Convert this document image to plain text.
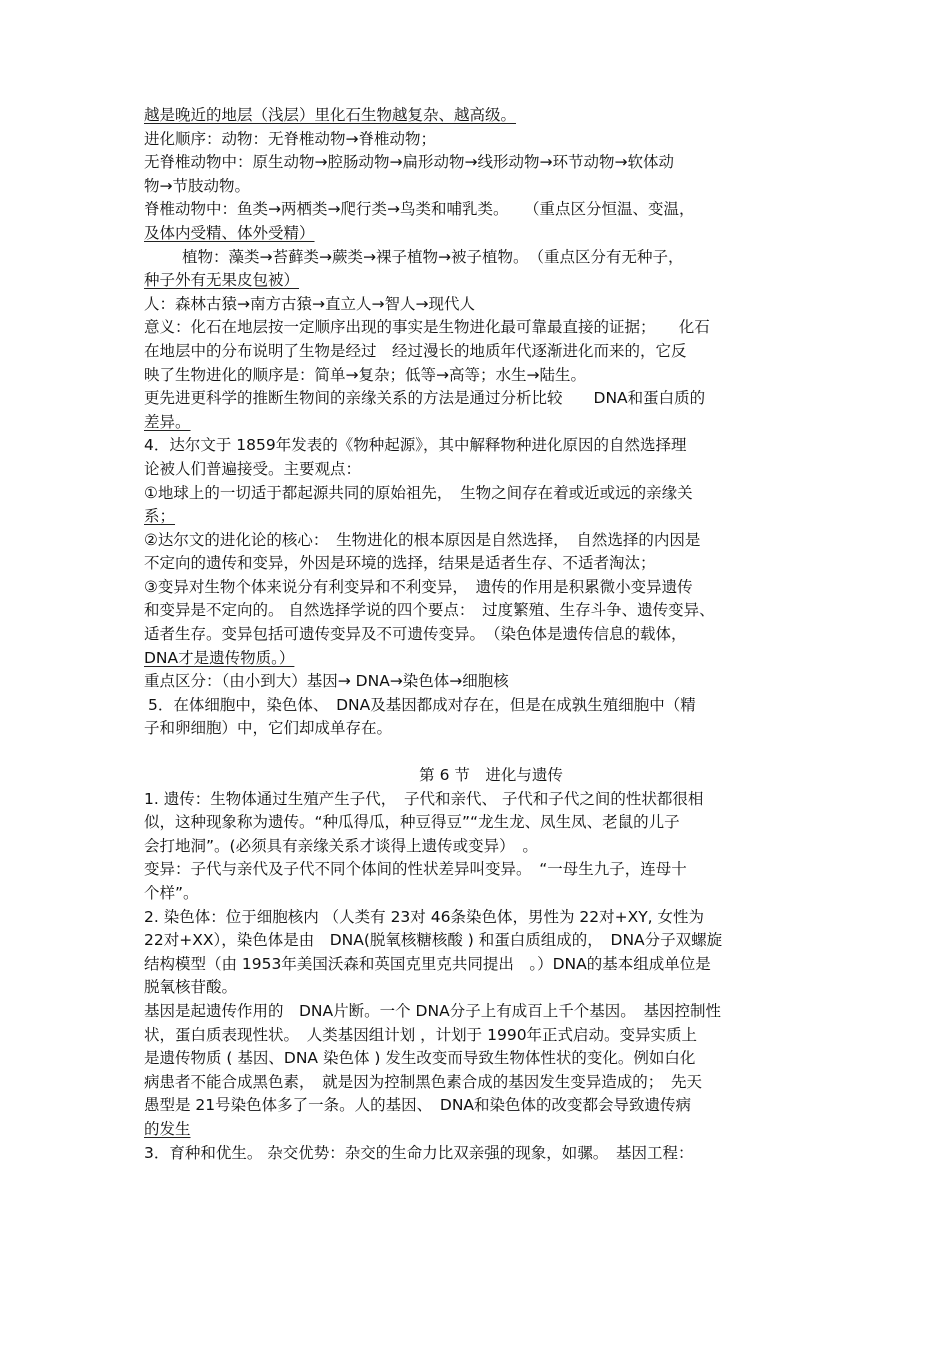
越是晚近的地层（浅层）里化石生物越复杂、越高级。
进化顺序：动物：无脊椎动物→脊椎动物；
无脊椎动物中：原生动物→腔肠动物→扁形动物→线形动物→环节动物→软体动
物→节肢动物。
脊椎动物中：鱼类→两栖类→爬行类→鸟类和哺乳类。　　（重点区分恒温、变温，
及体内受精、体外受精）
植物：藻类→苔藓类→蕨类→裸子植物→被子植物。　（重点区分有无种子，
种子外有无果皮包被）
人：森林古猿→南方古猿→直立人→智人→现代人
意义：化石在地层按一定顺序出现的事实是生物进化最可靠最直接的证据；　　化石
在地层中的分布说明了生物是经过　经过漫长的地质年代逐渐进化而来的，它反
映了生物进化的顺序是：简单→复杂；低等→高等；水生→陆生。
更先进更科学的推断生物间的亲缘关系的方法是通过分析比较　　DNA和蛋白质的
差异。
4．达尔文于 1859年发表的《物种起源》，其中解释物种进化原因的自然选择理
论被人们普遍接受。主要观点：
①地球上的一切适于都起源共同的原始祖先，　生物之间存在着或近或远的亲缘关
系；
②达尔文的进化论的核心：　生物进化的根本原因是自然选择，　自然选择的内因是
不定向的遗传和变异，外因是环境的选择，结果是适者生存、不适者淘汰；
③变异对生物个体来说分有利变异和不利变异，　遗传的作用是积累微小变异遗传
和变异是不定向的。 自然选择学说的四个要点：　过度繁殖、生存斗争、遗传变异、
适者生存。变异包括可遗传变异及不可遗传变异。　（染色体是遗传信息的载体，
DNA才是遗传物质。）
重点区分：（由小到大）基因→ DNA→染色体→细胞核
5．在体细胞中，染色体、　DNA及基因都成对存在，但是在成孰生殖细胞中（精
子和卵细胞）中，它们却成单存在。
第 6 节　进化与遗传
1. 遗传：生物体通过生殖产生子代，　子代和亲代、 子代和子代之间的性状都很相
似，这种现象称为遗传。“种瓜得瓜，种豆得豆”“龙生龙、凤生凤、老鼠的儿子
会打地洞”。(必须具有亲缘关系才谈得上遗传或变异）　。
变异：子代与亲代及子代不同个体间的性状差异叫变异。　“一母生九子，连母十
个样”。
2. 染色体：位于细胞核内 （人类有 23对 46条染色体，男性为 22对+XY, 女性为
22对+XX），染色体是由　DNA(脱氧核糖核酸 ) 和蛋白质组成的，　DNA分子双螺旋
结构模型（由 1953年美国沃森和英国克里克共同提出　。）DNA的基本组成单位是
脱氧核苷酸。
基因是起遗传作用的　DNA片断。一个 DNA分子上有成百上千个基因。　基因控制性
状，蛋白质表现性状。　人类基因组计划 ，计划于 1990年正式启动。变异实质上
是遗传物质 ( 基因、DNA 染色体 ) 发生改变而导致生物体性状的变化。例如白化
病患者不能合成黑色素，　就是因为控制黑色素合成的基因发生变异造成的；　先天
愚型是 21号染色体多了一条。人的基因、　DNA和染色体的改变都会导致遗传病
的发生
3．育种和优生。 杂交优势：杂交的生命力比双亲强的现象，如骡。　基因工程：
